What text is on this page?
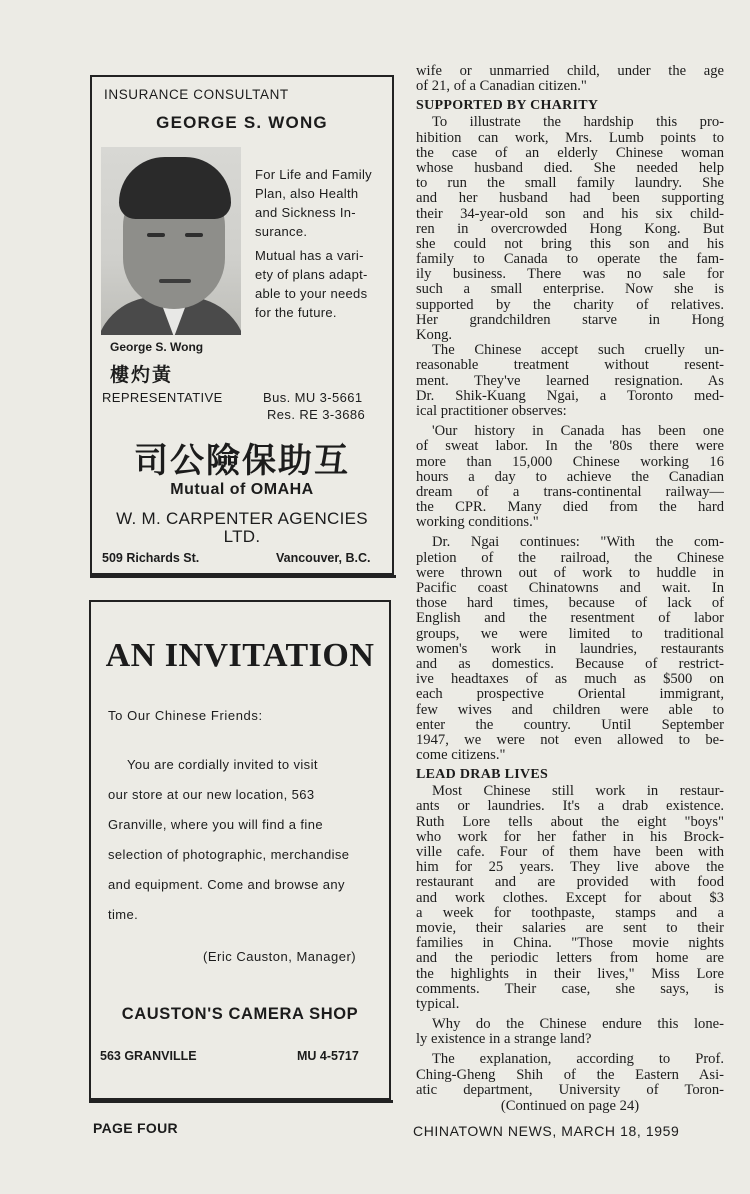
INSURANCE CONSULTANT
GEORGE S. WONG
For Life and Family
Plan, also Health
and Sickness In-
surance.
Mutual has a vari-
ety of plans adapt-
able to your needs
for the future.
George S. Wong
黃灼樓
REPRESENTATIVE	Bus. MU 3-5661
Res. RE 3-3686
互助保險公司
Mutual of OMAHA
W. M. CARPENTER AGENCIES
LTD.
509 Richards St.	Vancouver, B.C.
AN INVITATION
To Our Chinese Friends:
You are cordially invited to visit
our store at our new location, 563
Granville, where you will find a fine
selection of photographic, merchandise
and equipment. Come and browse any
time.
(Eric Causton, Manager)
CAUSTON'S CAMERA SHOP
563 GRANVILLE	MU 4-5717
wife or unmarried child, under the age
of 21, of a Canadian citizen."
SUPPORTED BY CHARITY
To illustrate the hardship this pro-
hibition can work, Mrs. Lumb points to
the case of an elderly Chinese woman
whose husband died. She needed help
to run the small family laundry. She
and her husband had been supporting
their 34-year-old son and his six child-
ren in overcrowded Hong Kong. But
she could not bring this son and his
family to Canada to operate the fam-
ily business. There was no sale for
such a small enterprise. Now she is
supported by the charity of relatives.
Her grandchildren starve in Hong
Kong.
The Chinese accept such cruelly un-
reasonable treatment without resent-
ment. They've learned resignation. As
Dr. Shik-Kuang Ngai, a Toronto med-
ical practitioner observes:
'Our history in Canada has been one
of sweat labor. In the '80s there were
more than 15,000 Chinese working 16
hours a day to achieve the Canadian
dream of a trans-continental railway—
the CPR. Many died from the hard
working conditions."
Dr. Ngai continues: "With the com-
pletion of the railroad, the Chinese
were thrown out of work to huddle in
Pacific coast Chinatowns and wait. In
those hard times, because of lack of
English and the resentment of labor
groups, we were limited to traditional
women's work in laundries, restaurants
and as domestics. Because of restrict-
ive headtaxes of as much as $500 on
each prospective Oriental immigrant,
few wives and children were able to
enter the country. Until September
1947, we were not even allowed to be-
come citizens."
LEAD DRAB LIVES
Most Chinese still work in restaur-
ants or laundries. It's a drab existence.
Ruth Lore tells about the eight "boys"
who work for her father in his Brock-
ville cafe. Four of them have been with
him for 25 years. They live above the
restaurant and are provided with food
and work clothes. Except for about $3
a week for toothpaste, stamps and a
movie, their salaries are sent to their
families in China. "Those movie nights
and the periodic letters from home are
the highlights in their lives," Miss Lore
comments. Their case, she says, is
typical.
Why do the Chinese endure this lone-
ly existence in a strange land?
The explanation, according to Prof.
Ching-Gheng Shih of the Eastern Asi-
atic department, University of Toron-
(Continued on page 24)
PAGE FOUR	CHINATOWN NEWS, MARCH 18, 1959
